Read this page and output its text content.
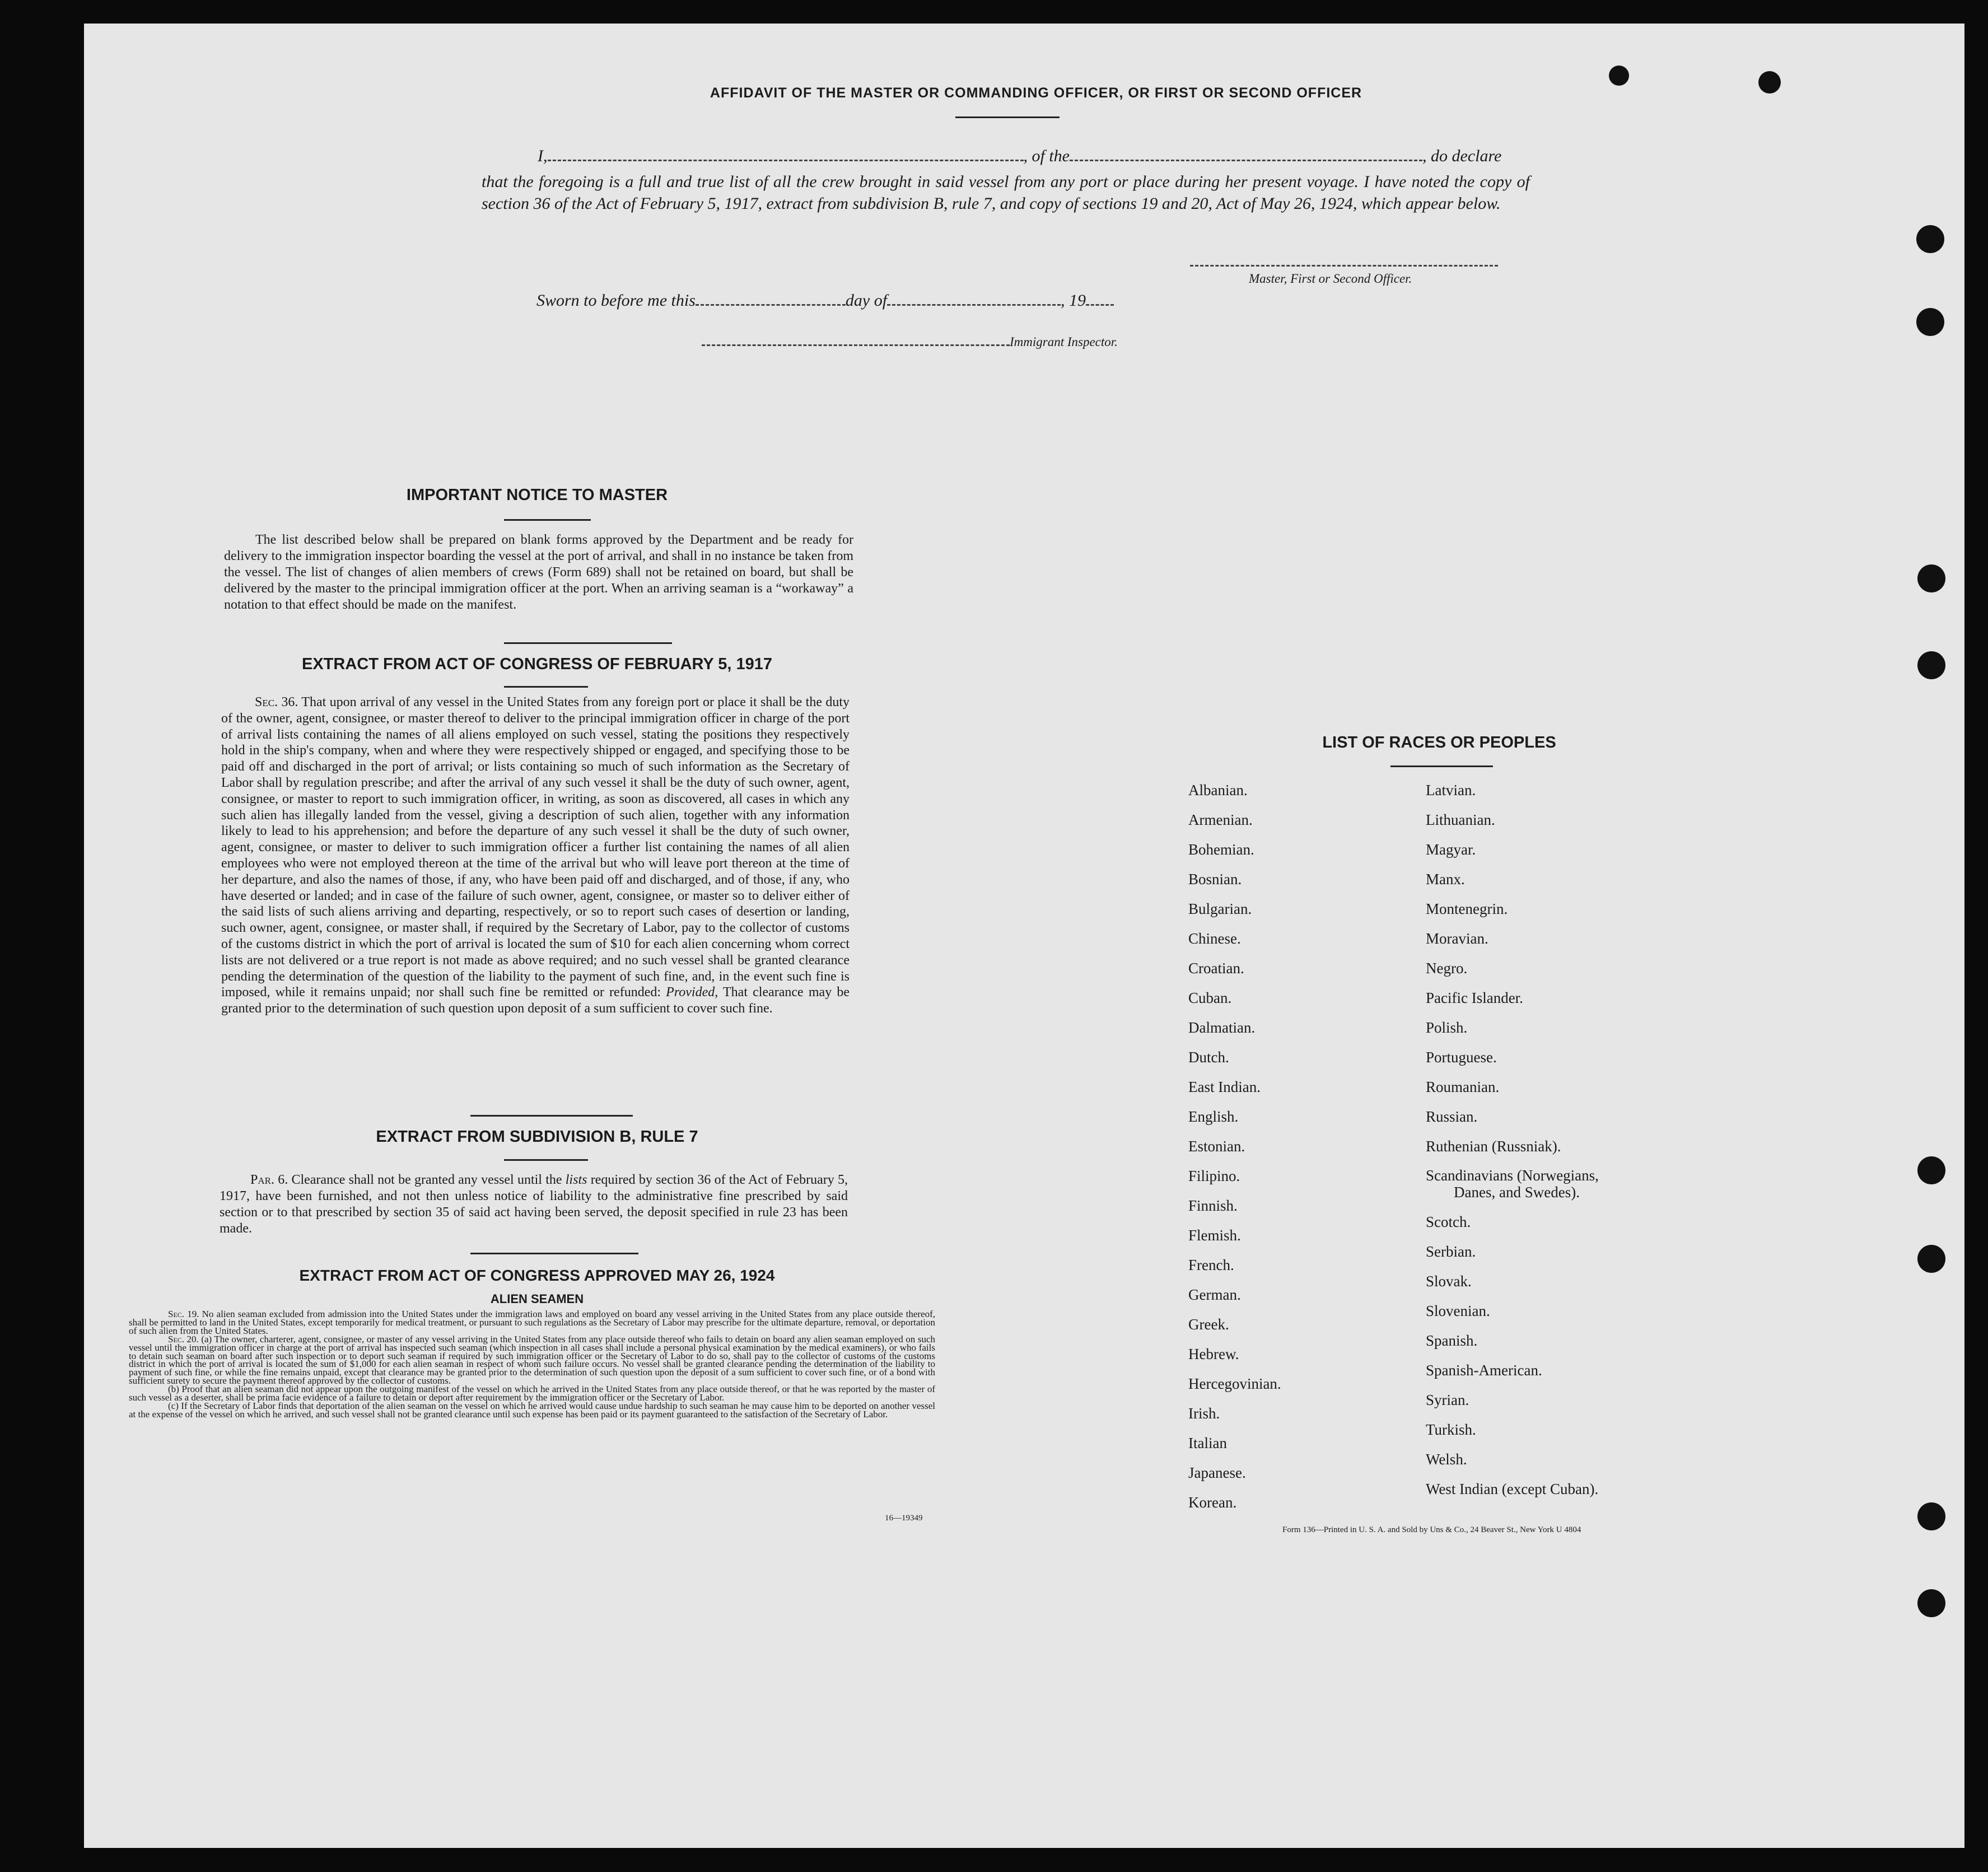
AFFIDAVIT OF THE MASTER OR COMMANDING OFFICER, OR FIRST OR SECOND OFFICER
I,	, of the	, do declare
that the foregoing is a full and true list of all the crew brought in said vessel from any port or place during her present voyage. I have noted the copy of section 36 of the Act of February 5, 1917, extract from subdivision B, rule 7, and copy of sections 19 and 20, Act of May 26, 1924, which appear below.
Master, First or Second Officer.
Sworn to before me this	day of	, 19
Immigrant Inspector.
IMPORTANT NOTICE TO MASTER
The list described below shall be prepared on blank forms approved by the Department and be ready for delivery to the immigration inspector boarding the vessel at the port of arrival, and shall in no instance be taken from the vessel. The list of changes of alien members of crews (Form 689) shall not be retained on board, but shall be delivered by the master to the principal immigration officer at the port. When an arriving seaman is a “workaway” a notation to that effect should be made on the manifest.
EXTRACT FROM ACT OF CONGRESS OF FEBRUARY 5, 1917
Sec. 36. That upon arrival of any vessel in the United States from any foreign port or place it shall be the duty of the owner, agent, consignee, or master thereof to deliver to the principal immigration officer in charge of the port of arrival lists containing the names of all aliens employed on such vessel, stating the positions they respectively hold in the ship's company, when and where they were respectively shipped or engaged, and specifying those to be paid off and discharged in the port of arrival; or lists containing so much of such information as the Secretary of Labor shall by regulation prescribe; and after the arrival of any such vessel it shall be the duty of such owner, agent, consignee, or master to report to such immigration officer, in writing, as soon as discovered, all cases in which any such alien has illegally landed from the vessel, giving a description of such alien, together with any information likely to lead to his apprehension; and before the departure of any such vessel it shall be the duty of such owner, agent, consignee, or master to deliver to such immigration officer a further list containing the names of all alien employees who were not employed thereon at the time of the arrival but who will leave port thereon at the time of her departure, and also the names of those, if any, who have been paid off and discharged, and of those, if any, who have deserted or landed; and in case of the failure of such owner, agent, consignee, or master so to deliver either of the said lists of such aliens arriving and departing, respectively, or so to report such cases of desertion or landing, such owner, agent, consignee, or master shall, if required by the Secretary of Labor, pay to the collector of customs of the customs district in which the port of arrival is located the sum of $10 for each alien concerning whom correct lists are not delivered or a true report is not made as above required; and no such vessel shall be granted clearance pending the determination of the question of the liability to the payment of such fine, and, in the event such fine is imposed, while it remains unpaid; nor shall such fine be remitted or refunded: Provided, That clearance may be granted prior to the determination of such question upon deposit of a sum sufficient to cover such fine.
EXTRACT FROM SUBDIVISION B, RULE 7
Par. 6. Clearance shall not be granted any vessel until the lists required by section 36 of the Act of February 5, 1917, have been furnished, and not then unless notice of liability to the administrative fine prescribed by said section or to that prescribed by section 35 of said act having been served, the deposit specified in rule 23 has been made.
EXTRACT FROM ACT OF CONGRESS APPROVED MAY 26, 1924
ALIEN SEAMEN
Sec. 19. No alien seaman excluded from admission into the United States under the immigration laws and employed on board any vessel arriving in the United States from any place outside thereof, shall be permitted to land in the United States, except temporarily for medical treatment, or pursuant to such regulations as the Secretary of Labor may prescribe for the ultimate departure, removal, or deportation of such alien from the United States.
Sec. 20. (a) The owner, charterer, agent, consignee, or master of any vessel arriving in the United States from any place outside thereof who fails to detain on board any alien seaman employed on such vessel until the immigration officer in charge at the port of arrival has inspected such seaman (which inspection in all cases shall include a personal physical examination by the medical examiners), or who fails to detain such seaman on board after such inspection or to deport such seaman if required by such immigration officer or the Secretary of Labor to do so, shall pay to the collector of customs of the customs district in which the port of arrival is located the sum of $1,000 for each alien seaman in respect of whom such failure occurs. No vessel shall be granted clearance pending the determination of the liability to payment of such fine, or while the fine remains unpaid, except that clearance may be granted prior to the determination of such question upon the deposit of a sum sufficient to cover such fine, or of a bond with sufficient surety to secure the payment thereof approved by the collector of customs.
(b) Proof that an alien seaman did not appear upon the outgoing manifest of the vessel on which he arrived in the United States from any place outside thereof, or that he was reported by the master of such vessel as a deserter, shall be prima facie evidence of a failure to detain or deport after requirement by the immigration officer or the Secretary of Labor.
(c) If the Secretary of Labor finds that deportation of the alien seaman on the vessel on which he arrived would cause undue hardship to such seaman he may cause him to be deported on another vessel at the expense of the vessel on which he arrived, and such vessel shall not be granted clearance until such expense has been paid or its payment guaranteed to the satisfaction of the Secretary of Labor.
16—19349
LIST OF RACES OR PEOPLES
Albanian.
Armenian.
Bohemian.
Bosnian.
Bulgarian.
Chinese.
Croatian.
Cuban.
Dalmatian.
Dutch.
East Indian.
English.
Estonian.
Filipino.
Finnish.
Flemish.
French.
German.
Greek.
Hebrew.
Hercegovinian.
Irish.
Italian
Japanese.
Korean.
Latvian.
Lithuanian.
Magyar.
Manx.
Montenegrin.
Moravian.
Negro.
Pacific Islander.
Polish.
Portuguese.
Roumanian.
Russian.
Ruthenian (Russniak).
Scandinavians (Norwegians,
Danes, and Swedes).
Scotch.
Serbian.
Slovak.
Slovenian.
Spanish.
Spanish-American.
Syrian.
Turkish.
Welsh.
West Indian (except Cuban).
Form 136—Printed in U. S. A. and Sold by Uns & Co., 24 Beaver St., New York U 4804
